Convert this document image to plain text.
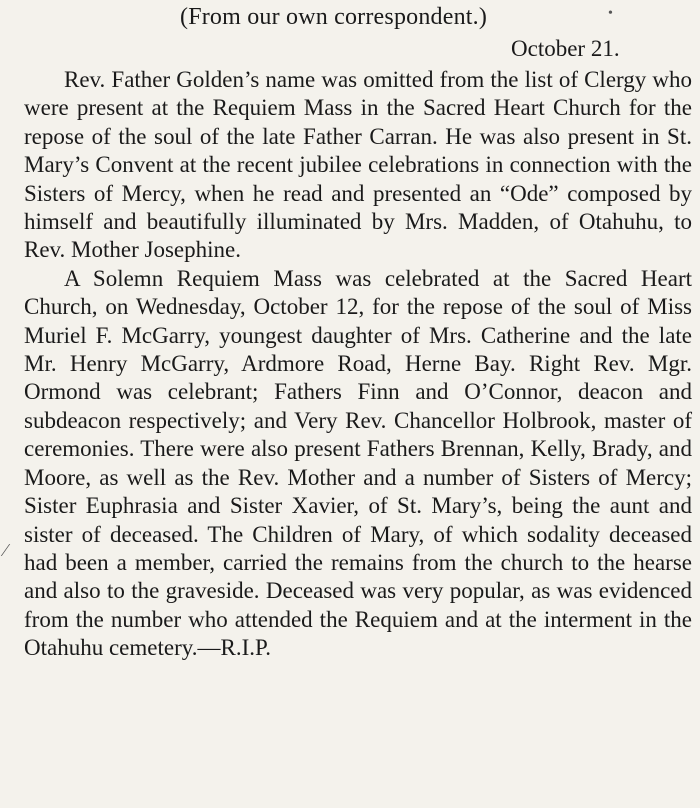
(From our own correspondent.)
October 21.

Rev. Father Golden’s name was omitted from the list of Clergy who were present at the Requiem Mass in the Sacred Heart Church for the repose of the soul of the late Father Carran. He was also present in St. Mary’s Convent at the recent jubilee celebrations in connection with the Sisters of Mercy, when he read and presented an “Ode” composed by himself and beautifully illuminated by Mrs. Madden, of Otahuhu, to Rev. Mother Josephine.

A Solemn Requiem Mass was celebrated at the Sacred Heart Church, on Wednesday, October 12, for the repose of the soul of Miss Muriel F. McGarry, youngest daughter of Mrs. Catherine and the late Mr. Henry McGarry, Ardmore Road, Herne Bay. Right Rev. Mgr. Ormond was celebrant; Fathers Finn and O’Connor, deacon and subdeacon respectively; and Very Rev. Chancellor Holbrook, master of ceremonies. There were also present Fathers Brennan, Kelly, Brady, and Moore, as well as the Rev. Mother and a number of Sisters of Mercy; Sister Euphrasia and Sister Xavier, of St. Mary’s, being the aunt and sister of deceased. The Children of Mary, of which sodality deceased had been a member, carried the remains from the church to the hearse and also to the graveside. Deceased was very popular, as was evidenced from the number who attended the Requiem and at the interment in the Otahuhu cemetery.—R.I.P.

•
⁄
